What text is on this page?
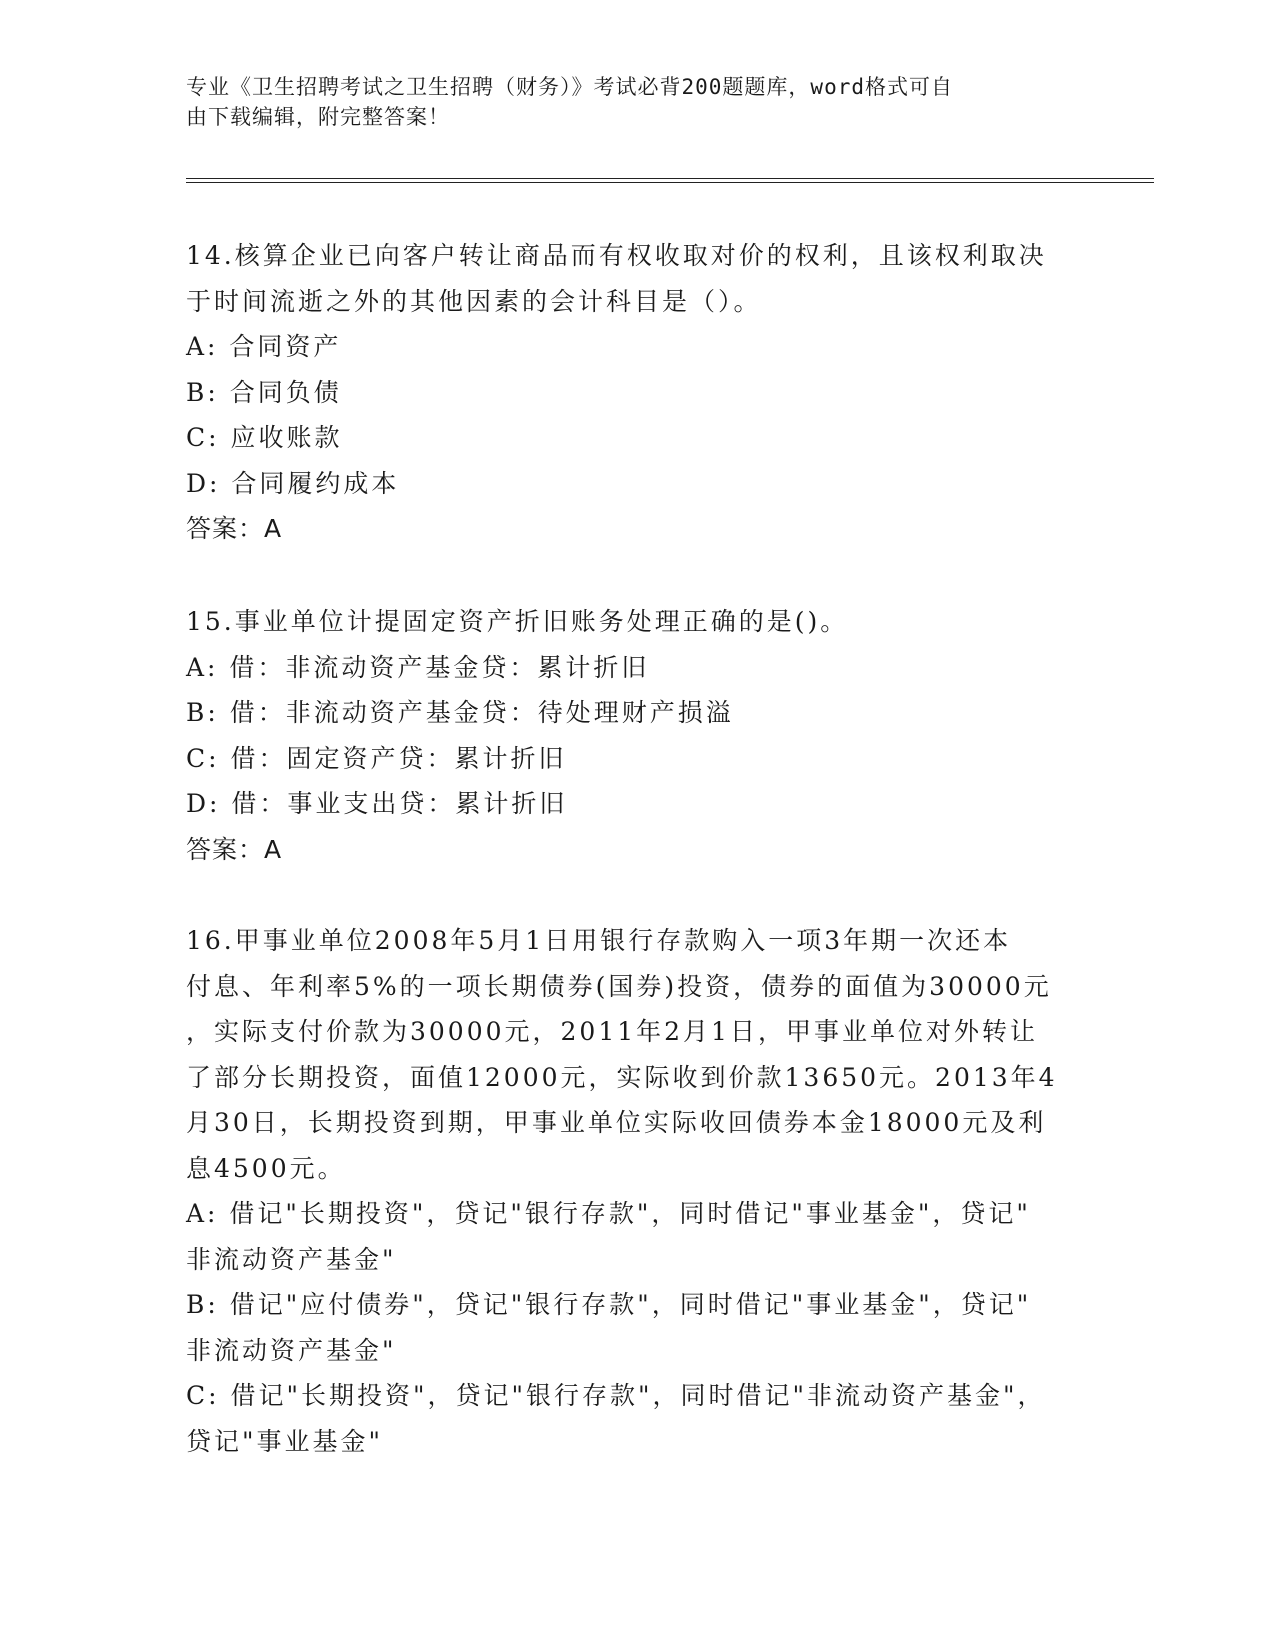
专业《卫生招聘考试之卫生招聘（财务）》考试必背200题题库，word格式可自
由下载编辑，附完整答案！
14.核算企业已向客户转让商品而有权收取对价的权利，且该权利取决
于时间流逝之外的其他因素的会计科目是（）。
A: 合同资产
B: 合同负债
C: 应收账款
D: 合同履约成本
答案：A
15.事业单位计提固定资产折旧账务处理正确的是()。
A: 借：非流动资产基金贷：累计折旧
B: 借：非流动资产基金贷：待处理财产损溢
C: 借：固定资产贷：累计折旧
D: 借：事业支出贷：累计折旧
答案：A
16.甲事业单位2008年5月1日用银行存款购入一项3年期一次还本
付息、年利率5%的一项长期债券(国券)投资，债券的面值为30000元
，实际支付价款为30000元，2011年2月1日，甲事业单位对外转让
了部分长期投资，面值12000元，实际收到价款13650元。2013年4
月30日，长期投资到期，甲事业单位实际收回债券本金18000元及利
息4500元。
A: 借记"长期投资"，贷记"银行存款"，同时借记"事业基金"，贷记"
非流动资产基金"
B: 借记"应付债券"，贷记"银行存款"，同时借记"事业基金"，贷记"
非流动资产基金"
C: 借记"长期投资"，贷记"银行存款"，同时借记"非流动资产基金"，
贷记"事业基金"
